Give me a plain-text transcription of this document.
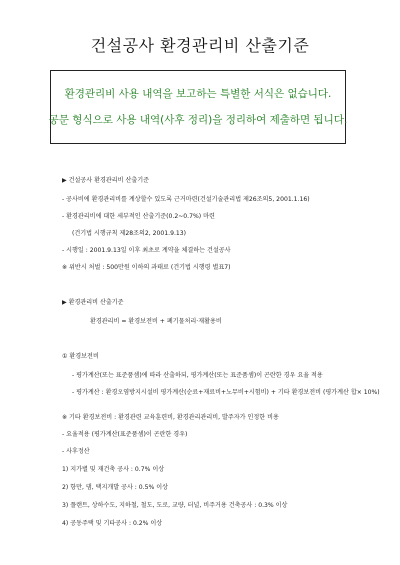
건설공사 환경관리비 산출기준
환경관리비 사용 내역을 보고하는 특별한 서식은 없습니다.
공문 형식으로 사용 내역(사후 정리)을 정리하여 제출하면 됩니다.
▶ 건설공사 환경관리비 산출기준
- 공사비에 환경관리비를 계상할수 있도록 근거마련(건설기술관리법 제26조의5, 2001.1.16)
- 환경관리비에 대한 세부적인 산출기준(0.2~0.7%) 마련
(건기법 시행규칙 제28조의2, 2001.9.13)
- 시행일 : 2001.9.13일 이후 최초로 계약을 체결하는 건설공사
※ 위반시 처벌 : 500만원 이하의 과태료 (건기법 시행령 별표7)
▶ 환경관리비 산출기준
환경관리비 = 환경보전비 + 폐기물처리·재활용비
① 환경보전비
- 평가계산(또는 표준품셈)에 따라 산출하되, 평가계산(또는 표준품셈)이 곤란한 경우 요율 적용
- 평가계산 : 환경오염방지시설비 평가계산(순료+재료비+노무비+시험비) + 기타 환경보전비 (평가계산 합× 10%)
※ 기타 환경보전비 : 환경관련 교육훈련비, 환경관리관리비, 발주자가 인정한 비용
- 요율적용 (평가계산(표준품셈)이 곤란한 경우)
- 사후정산
1) 지가별 및 재건축 공사 : 0.7% 이상
2) 항만, 댐, 택지개발 공사 : 0.5% 이상
3) 플랜트, 상하수도, 지하철, 철도, 도로, 교량, 터널, 비주거용 건축공사 : 0.3% 이상
4) 공동주택 및 기타공사 : 0.2% 이상
